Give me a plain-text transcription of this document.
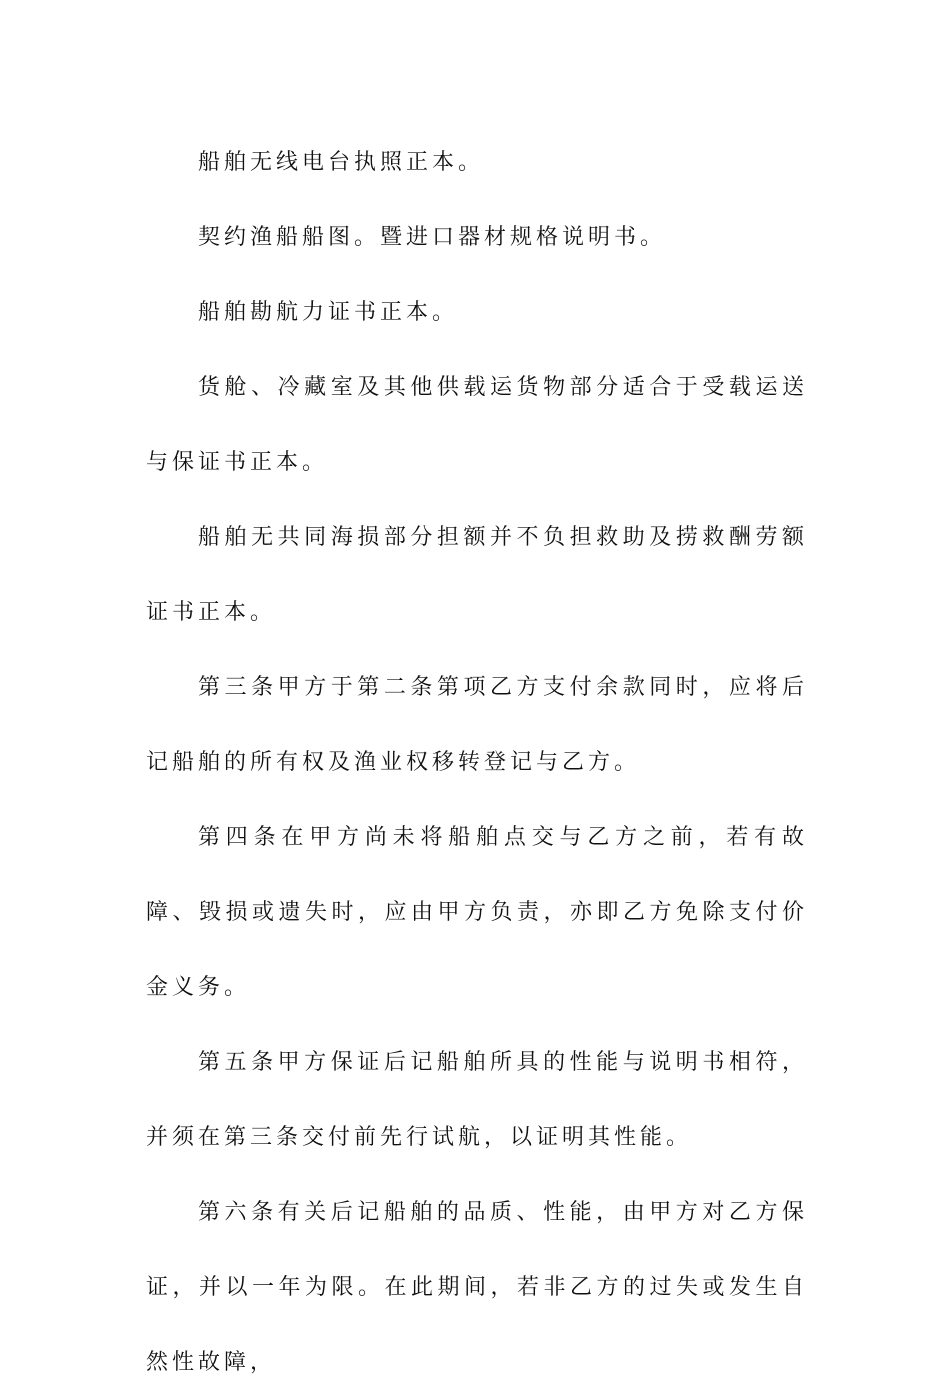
船舶无线电台执照正本。

契约渔船船图。暨进口器材规格说明书。

船舶勘航力证书正本。

货舱、冷藏室及其他供载运货物部分适合于受载运送与保证书正本。

船舶无共同海损部分担额并不负担救助及捞救酬劳额证书正本。

第三条甲方于第二条第项乙方支付余款同时，应将后记船舶的所有权及渔业权移转登记与乙方。

第四条在甲方尚未将船舶点交与乙方之前，若有故障、毁损或遗失时，应由甲方负责，亦即乙方免除支付价金义务。

第五条甲方保证后记船舶所具的性能与说明书相符，并须在第三条交付前先行试航，以证明其性能。

第六条有关后记船舶的品质、性能，由甲方对乙方保证，并以一年为限。在此期间，若非乙方的过失或发生自然性故障，
